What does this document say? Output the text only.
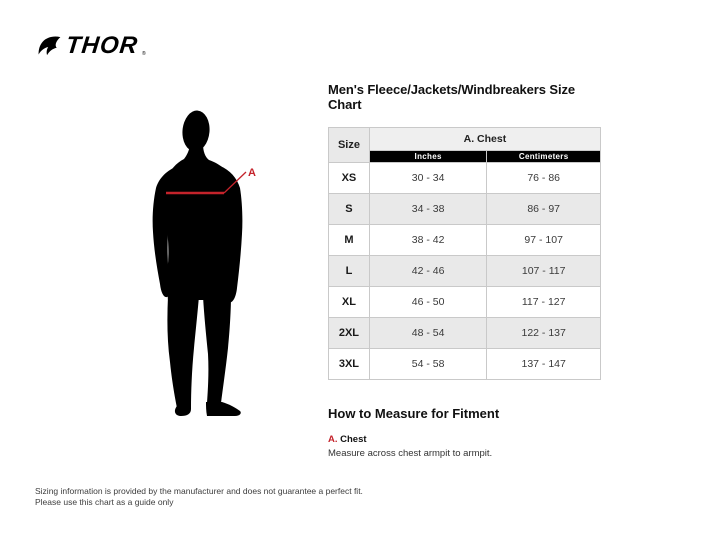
THOR ®
A
Men's Fleece/Jackets/Windbreakers Size Chart
Size	A. Chest	
	Inches	Centimeters
XS	30 - 34	76 - 86
S	34 - 38	86 - 97
M	38 - 42	97 - 107
L	42 - 46	107 - 117
XL	46 - 50	117 - 127
2XL	48 - 54	122 - 137
3XL	54 - 58	137 - 147
How to Measure for Fitment
A. Chest
Measure across chest armpit to armpit.
Sizing information is provided by the manufacturer and does not guarantee a perfect fit.
Please use this chart as a guide only
